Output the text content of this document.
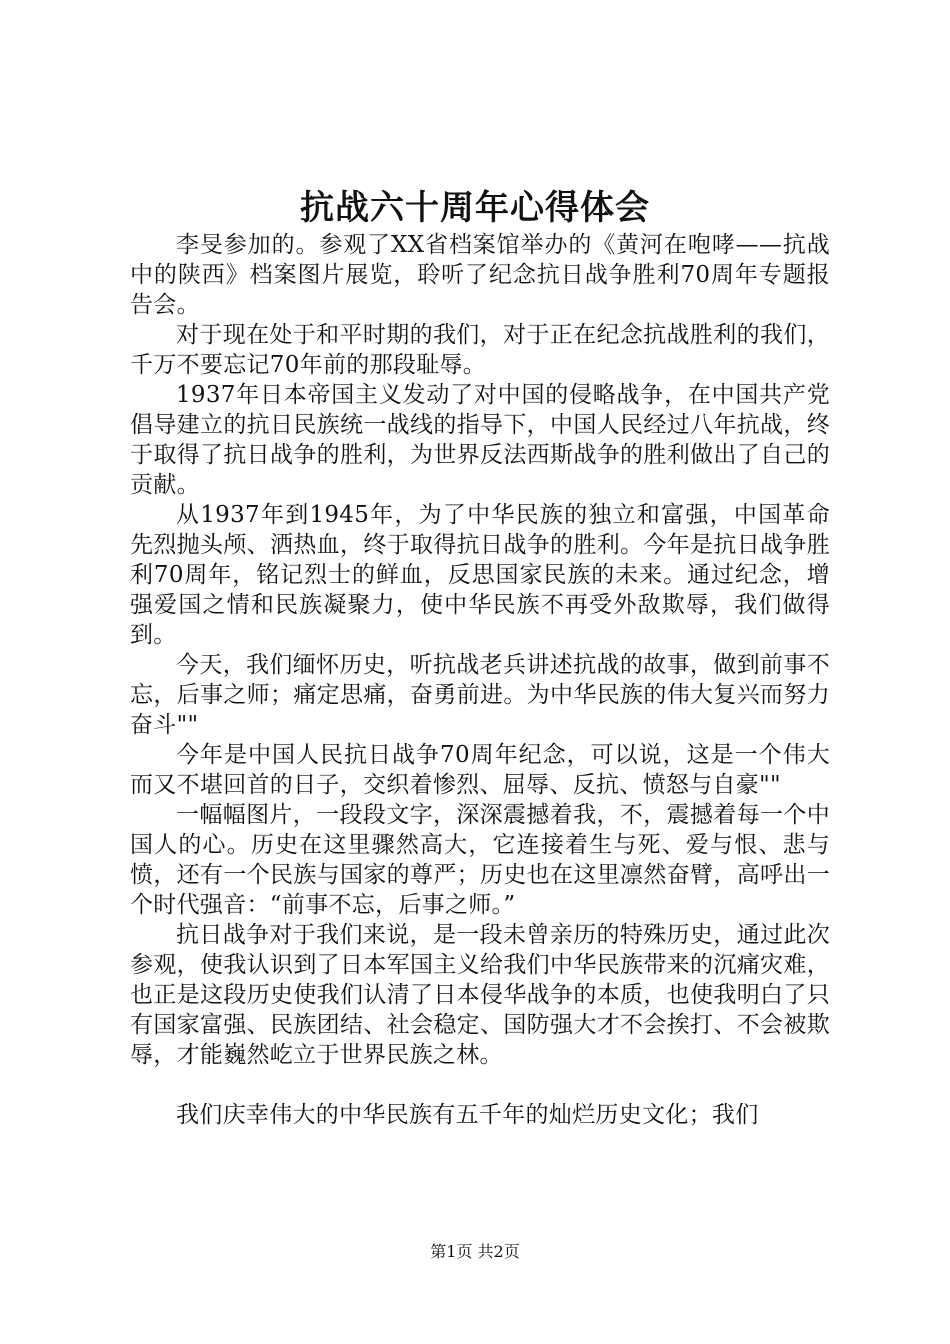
抗战六十周年心得体会

李旻参加的。参观了XX省档案馆举办的《黄河在咆哮——抗战中的陕西》档案图片展览，聆听了纪念抗日战争胜利70周年专题报告会。

对于现在处于和平时期的我们，对于正在纪念抗战胜利的我们，千万不要忘记70年前的那段耻辱。

1937年日本帝国主义发动了对中国的侵略战争，在中国共产党倡导建立的抗日民族统一战线的指导下，中国人民经过八年抗战，终于取得了抗日战争的胜利，为世界反法西斯战争的胜利做出了自己的贡献。

从1937年到1945年，为了中华民族的独立和富强，中国革命先烈抛头颅、洒热血，终于取得抗日战争的胜利。今年是抗日战争胜利70周年，铭记烈士的鲜血，反思国家民族的未来。通过纪念，增强爱国之情和民族凝聚力，使中华民族不再受外敌欺辱，我们做得到。

今天，我们缅怀历史，听抗战老兵讲述抗战的故事，做到前事不忘，后事之师；痛定思痛，奋勇前进。为中华民族的伟大复兴而努力奋斗""

今年是中国人民抗日战争70周年纪念，可以说，这是一个伟大而又不堪回首的日子，交织着惨烈、屈辱、反抗、愤怒与自豪""

一幅幅图片，一段段文字，深深震撼着我，不，震撼着每一个中国人的心。历史在这里骤然高大，它连接着生与死、爱与恨、悲与愤，还有一个民族与国家的尊严；历史也在这里凛然奋臂，高呼出一个时代强音：“前事不忘，后事之师。”

抗日战争对于我们来说，是一段未曾亲历的特殊历史，通过此次参观，使我认识到了日本军国主义给我们中华民族带来的沉痛灾难，也正是这段历史使我们认清了日本侵华战争的本质，也使我明白了只有国家富强、民族团结、社会稳定、国防强大才不会挨打、不会被欺辱，才能巍然屹立于世界民族之林。

我们庆幸伟大的中华民族有五千年的灿烂历史文化；我们

第1页 共2页
